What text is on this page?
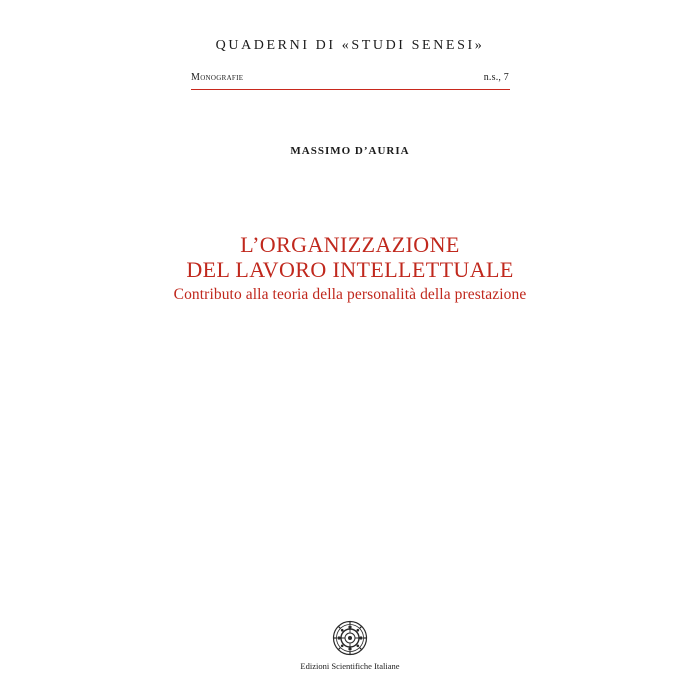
QUADERNI DI «STUDI SENESI»
Monografie	n.s., 7
MASSIMO D’AURIA
L’ORGANIZZAZIONE
DEL LAVORO INTELLETTUALE
Contributo alla teoria della personalità della prestazione
Edizioni Scientifiche Italiane
